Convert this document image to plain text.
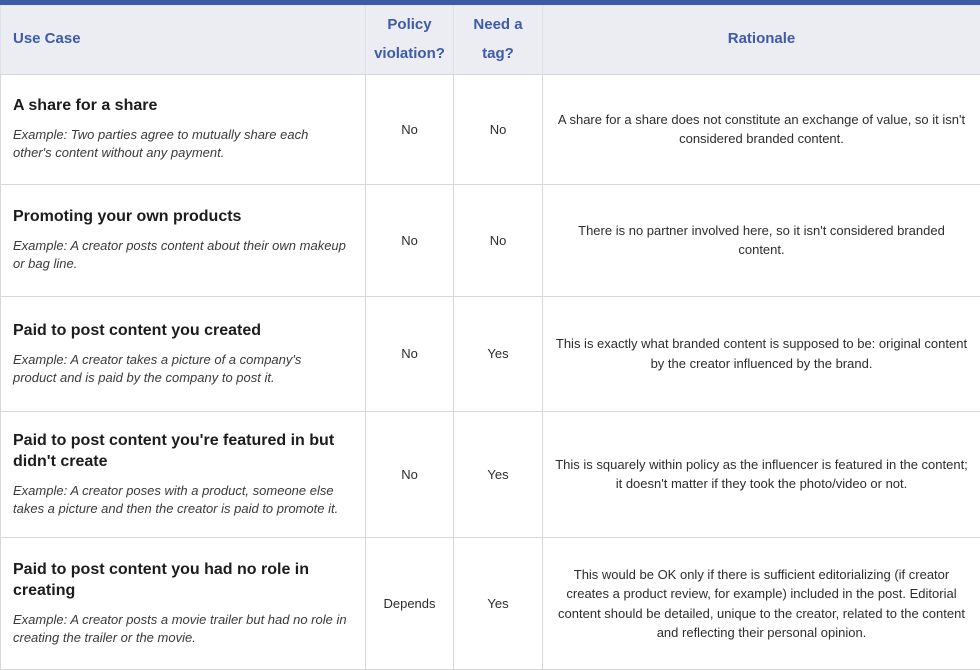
Use Case	Policy violation?	Need a tag?	Rationale

A share for a share
Example: Two parties agree to mutually share each other's content without any payment.	No	No	A share for a share does not constitute an exchange of value, so it isn't considered branded content.

Promoting your own products
Example: A creator posts content about their own makeup or bag line.	No	No	There is no partner involved here, so it isn't considered branded content.

Paid to post content you created
Example: A creator takes a picture of a company's product and is paid by the company to post it.	No	Yes	This is exactly what branded content is supposed to be: original content by the creator influenced by the brand.

Paid to post content you're featured in but didn't create
Example: A creator poses with a product, someone else takes a picture and then the creator is paid to promote it.	No	Yes	This is squarely within policy as the influencer is featured in the content; it doesn't matter if they took the photo/video or not.

Paid to post content you had no role in creating
Example: A creator posts a movie trailer but had no role in creating the trailer or the movie.	Depends	Yes	This would be OK only if there is sufficient editorializing (if creator creates a product review, for example) included in the post. Editorial content should be detailed, unique to the creator, related to the content and reflecting their personal opinion.
